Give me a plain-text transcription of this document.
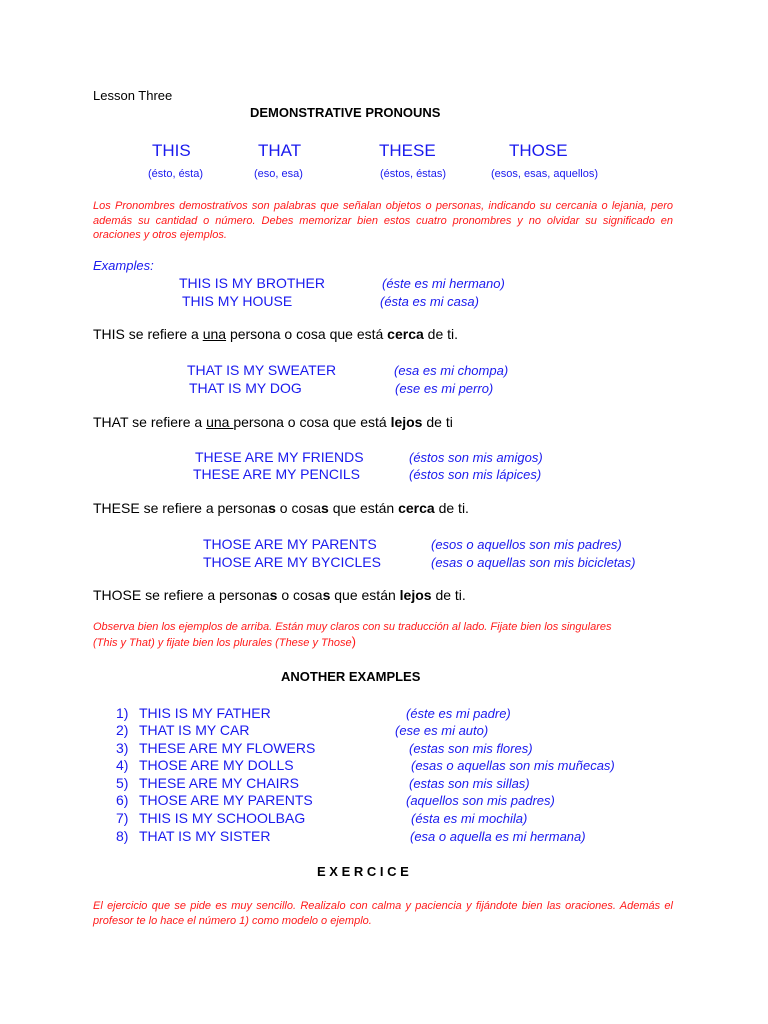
Lesson Three
DEMONSTRATIVE PRONOUNS
THIS	THAT	THESE	THOSE
(ésto, ésta)	(eso, esa)	(éstos, éstas)	(esos, esas, aquellos)
Los Pronombres demostrativos son palabras que señalan objetos o personas, indicando su cercania o lejania, pero además su cantidad o número. Debes memorizar bien estos cuatro pronombres y no olvidar su significado en oraciones y otros ejemplos.
Examples:
THIS IS MY BROTHER	(éste es mi hermano)
THIS MY HOUSE	(ésta es mi casa)
THIS se refiere a una persona o cosa que está cerca de ti.
THAT IS MY SWEATER	(esa es mi chompa)
THAT IS MY DOG	(ese es mi perro)
THAT se refiere a una persona o cosa que está lejos de ti
THESE ARE MY FRIENDS	(éstos son mis amigos)
THESE ARE MY PENCILS	(éstos son mis lápices)
THESE se refiere a personas o cosas que están cerca de ti.
THOSE ARE MY PARENTS	(esos o aquellos son mis padres)
THOSE ARE MY BYCICLES	(esas o aquellas son mis bicicletas)
THOSE se refiere a personas o cosas que están lejos de ti.
Observa bien los ejemplos de arriba. Están muy claros con su traducción al lado. Fijate bien los singulares (This y That) y fijate bien los plurales (These y Those)
ANOTHER EXAMPLES
1) THIS IS MY FATHER	(éste es mi padre)
2) THAT IS MY CAR	(ese es mi auto)
3) THESE ARE MY FLOWERS	(estas son mis flores)
4) THOSE ARE MY DOLLS	(esas o aquellas son mis muñecas)
5) THESE ARE MY CHAIRS	(estas son mis sillas)
6) THOSE ARE MY PARENTS	(aquellos son mis padres)
7) THIS IS MY SCHOOLBAG	(ésta es mi mochila)
8) THAT IS MY SISTER	(esa o aquella es mi hermana)
E X E R C I C E
El ejercicio que se pide es muy sencillo. Realizalo con calma y paciencia y fijándote bien las oraciones. Además el profesor te lo hace el número 1) como modelo o ejemplo.
